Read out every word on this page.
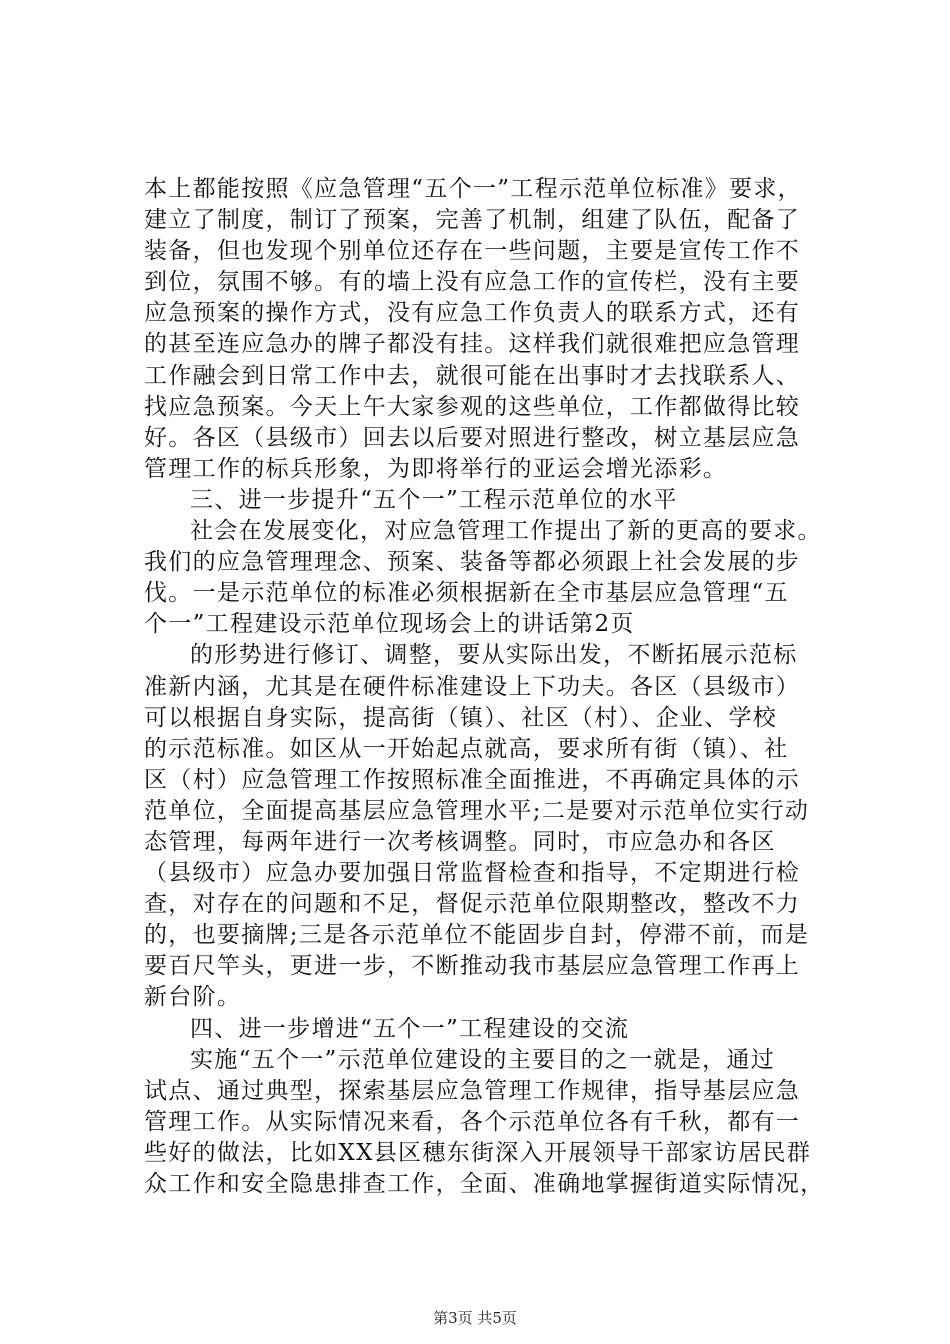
本上都能按照《应急管理“五个一”工程示范单位标准》要求，
建立了制度，制订了预案，完善了机制，组建了队伍，配备了
装备，但也发现个别单位还存在一些问题，主要是宣传工作不
到位，氛围不够。有的墙上没有应急工作的宣传栏，没有主要
应急预案的操作方式，没有应急工作负责人的联系方式，还有
的甚至连应急办的牌子都没有挂。这样我们就很难把应急管理
工作融会到日常工作中去，就很可能在出事时才去找联系人、
找应急预案。今天上午大家参观的这些单位，工作都做得比较
好。各区（县级市）回去以后要对照进行整改，树立基层应急
管理工作的标兵形象，为即将举行的亚运会增光添彩。
三、进一步提升“五个一”工程示范单位的水平
社会在发展变化，对应急管理工作提出了新的更高的要求。
我们的应急管理理念、预案、装备等都必须跟上社会发展的步
伐。一是示范单位的标准必须根据新在全市基层应急管理“五
个一”工程建设示范单位现场会上的讲话第2页
的形势进行修订、调整，要从实际出发，不断拓展示范标
准新内涵，尤其是在硬件标准建设上下功夫。各区（县级市）
可以根据自身实际，提高街（镇）、社区（村）、企业、学校
的示范标准。如区从一开始起点就高，要求所有街（镇）、社
区（村）应急管理工作按照标准全面推进，不再确定具体的示
范单位，全面提高基层应急管理水平;二是要对示范单位实行动
态管理，每两年进行一次考核调整。同时，市应急办和各区
（县级市）应急办要加强日常监督检查和指导，不定期进行检
查，对存在的问题和不足，督促示范单位限期整改，整改不力
的，也要摘牌;三是各示范单位不能固步自封，停滞不前，而是
要百尺竿头，更进一步，不断推动我市基层应急管理工作再上
新台阶。
四、进一步增进“五个一”工程建设的交流
实施“五个一”示范单位建设的主要目的之一就是，通过
试点、通过典型，探索基层应急管理工作规律，指导基层应急
管理工作。从实际情况来看，各个示范单位各有千秋，都有一
些好的做法，比如XX县区穗东街深入开展领导干部家访居民群
众工作和安全隐患排查工作，全面、准确地掌握街道实际情况，
第3页 共5页
